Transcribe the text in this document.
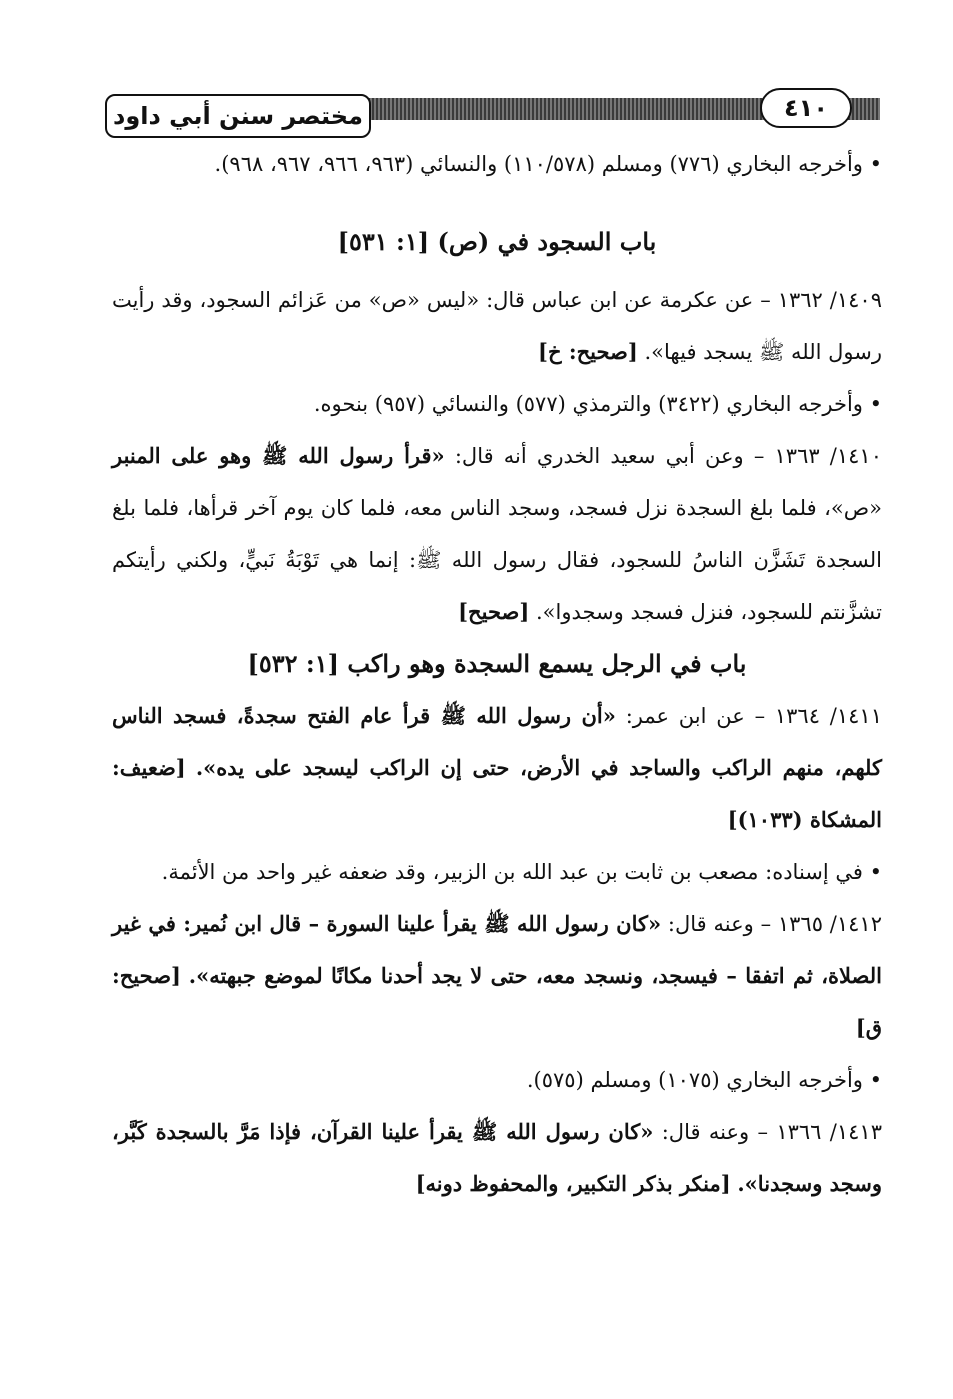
مختصر سنن أبي داود	٤١٠

• وأخرجه البخاري (٧٧٦) ومسلم (١١٠/٥٧٨) والنسائي (٩٦٣، ٩٦٦، ٩٦٧، ٩٦٨).

باب السجود في (ص) [١: ٥٣١]

١٤٠٩/ ١٣٦٢ – عن عكرمة عن ابن عباس قال: «ليس «ص» من عَزائم السجود، وقد رأيت رسول الله ﷺ يسجد فيها». [صحيح: خ]

• وأخرجه البخاري (٣٤٢٢) والترمذي (٥٧٧) والنسائي (٩٥٧) بنحوه.

١٤١٠/ ١٣٦٣ – وعن أبي سعيد الخدري أنه قال: «قرأ رسول الله ﷺ وهو على المنبر «ص»، فلما بلغ السجدة نزل فسجد، وسجد الناس معه، فلما كان يوم آخر قرأها، فلما بلغ السجدة تَشَزَّن الناسُ للسجود، فقال رسول الله ﷺ: إنما هي تَوْبَةُ نَبيٍّ، ولكني رأيتكم تشزَّنتم للسجود، فنزل فسجد وسجدوا». [صحيح]

باب في الرجل يسمع السجدة وهو راكب [١: ٥٣٢]

١٤١١/ ١٣٦٤ – عن ابن عمر: «أن رسول الله ﷺ قرأ عام الفتح سجدةً، فسجد الناس كلهم، منهم الراكب والساجد في الأرض، حتى إن الراكب ليسجد على يده». [ضعيف: المشكاة (١٠٣٣)]

• في إسناده: مصعب بن ثابت بن عبد الله بن الزبير، وقد ضعفه غير واحد من الأئمة.

١٤١٢/ ١٣٦٥ – وعنه قال: «كان رسول الله ﷺ يقرأ علينا السورة – قال ابن نُمير: في غير الصلاة، ثم اتفقا – فيسجد، ونسجد معه، حتى لا يجد أحدنا مكانًا لموضع جبهته». [صحيح: ق]

• وأخرجه البخاري (١٠٧٥) ومسلم (٥٧٥).

١٤١٣/ ١٣٦٦ – وعنه قال: «كان رسول الله ﷺ يقرأ علينا القرآن، فإذا مَرَّ بالسجدة كَبَّر، وسجد وسجدنا». [منكر بذكر التكبير، والمحفوظ دونه]
